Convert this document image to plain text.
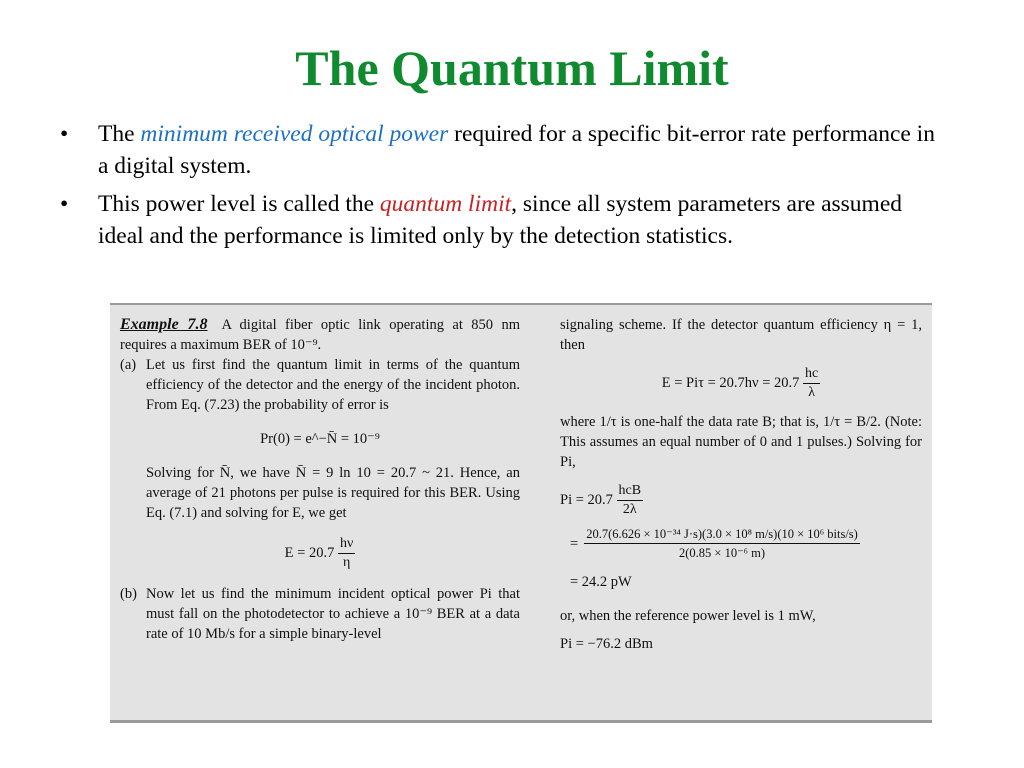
The Quantum Limit
•	The minimum received optical power required for a specific bit-error rate performance in a digital system.
•	This power level is called the quantum limit, since all system parameters are assumed ideal and the performance is limited only by the detection statistics.

Example 7.8 A digital fiber optic link operating at 850 nm requires a maximum BER of 10⁻⁹.

(a) Let us first find the quantum limit in terms of the quantum efficiency of the detector and the energy of the incident photon. From Eq. (7.23) the probability of error is
Pr(0) = e^−N̄ = 10⁻⁹
Solving for N̄, we have N̄ = 9 ln 10 = 20.7 ~ 21. Hence, an average of 21 photons per pulse is required for this BER. Using Eq. (7.1) and solving for E, we get
$E = 20.7 \frac{h\nu}{\eta}$
(b) Now let us find the minimum incident optical power Pi that must fall on the photodetector to achieve a 10⁻⁹ BER at a data rate of 10 Mb/s for a simple binary-level

signaling scheme. If the detector quantum efficiency η = 1, then

$E = Pi\tau = 20.7h\nu = 20.7 \frac{hc}{\lambda}$

where 1/τ is one-half the data rate B; that is, 1/τ = B/2. (Note: This assumes an equal number of 0 and 1 pulses.) Solving for Pi,

$Pi = 20.7 \frac{\text{hcB}}{2\lambda}$
= $\frac{\text{20.7(6.626 × 10⁻³⁴ J·s)(3.0 × 10⁸ m/s)(10 × 10⁶ bits/s)}}{\text{2(0.85 × 10⁻⁶ m)}}$
= 24.2 pW

or, when the reference power level is 1 mW,

Pi = −76.2 dBm
